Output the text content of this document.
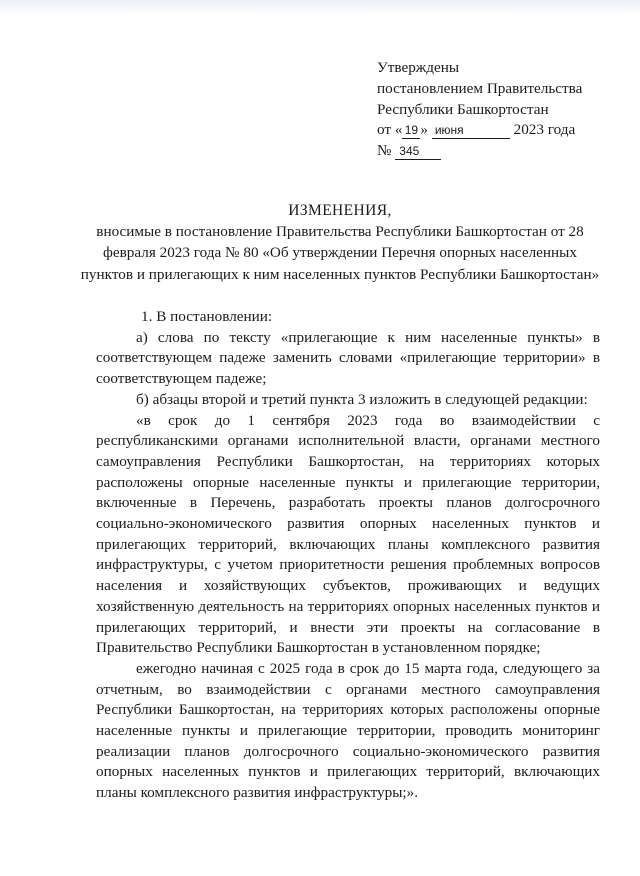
Утверждены
постановлением Правительства
Республики Башкортостан
от « 19 » июня	2023 года
№ 345
ИЗМЕНЕНИЯ,
вносимые в постановление Правительства Республики Башкортостан от 28 февраля 2023 года № 80 «Об утверждении Перечня опорных населенных пунктов и прилегающих к ним населенных пунктов Республики Башкортостан»

1. В постановлении:

а) слова по тексту «прилегающие к ним населенные пункты» в соответствующем падеже заменить словами «прилегающие территории» в соответствующем падеже;

б) абзацы второй и третий пункта 3 изложить в следующей редакции:

«в срок до 1 сентября 2023 года во взаимодействии с республиканскими органами исполнительной власти, органами местного самоуправления Республики Башкортостан, на территориях которых расположены опорные населенные пункты и прилегающие территории, включенные в Перечень, разработать проекты планов долгосрочного социально-экономического развития опорных населенных пунктов и прилегающих территорий, включающих планы комплексного развития инфраструктуры, с учетом приоритетности решения проблемных вопросов населения и хозяйствующих субъектов, проживающих и ведущих хозяйственную деятельность на территориях опорных населенных пунктов и прилегающих территорий, и внести эти проекты на согласование в Правительство Республики Башкортостан в установленном порядке;

ежегодно начиная с 2025 года в срок до 15 марта года, следующего за отчетным, во взаимодействии с органами местного самоуправления Республики Башкортостан, на территориях которых расположены опорные населенные пункты и прилегающие территории, проводить мониторинг реализации планов долгосрочного социально-экономического развития опорных населенных пунктов и прилегающих территорий, включающих планы комплексного развития инфраструктуры;».
